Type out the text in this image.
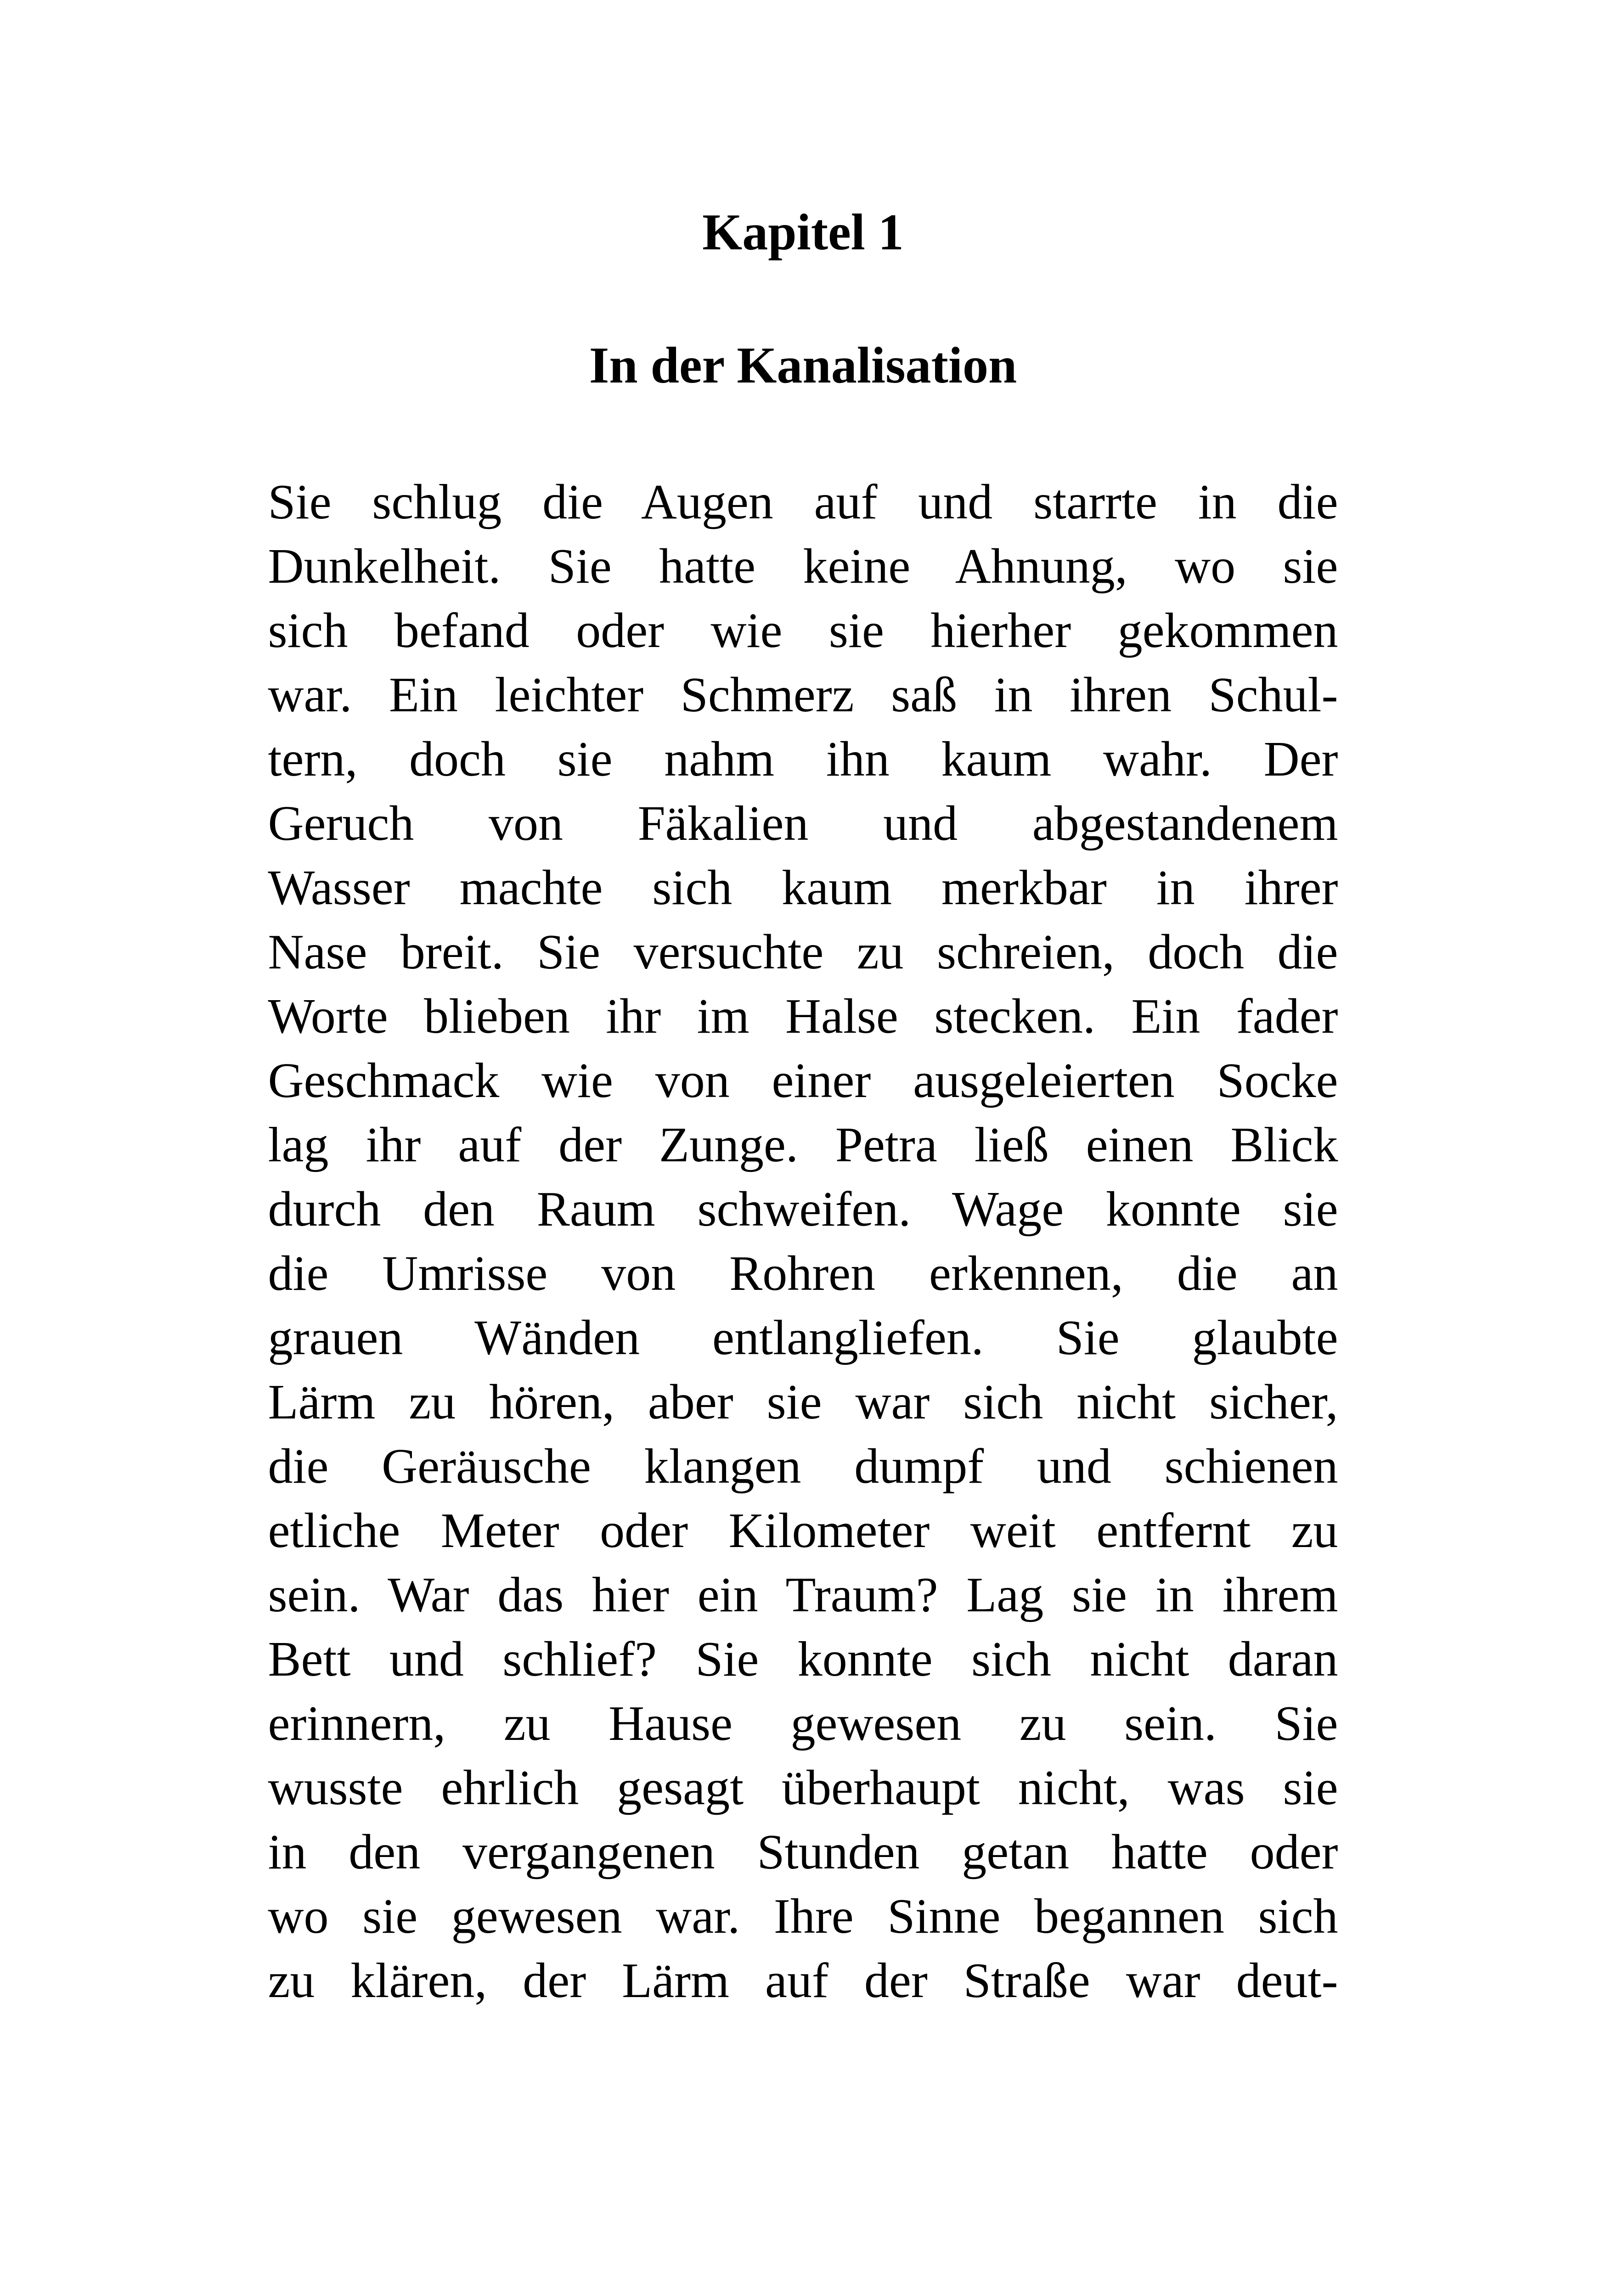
Kapitel 1
In der Kanalisation
Sie schlug die Augen auf und starrte in die
Dunkelheit. Sie hatte keine Ahnung, wo sie
sich befand oder wie sie hierher gekommen
war. Ein leichter Schmerz saß in ihren Schul-
tern, doch sie nahm ihn kaum wahr. Der
Geruch von Fäkalien und abgestandenem
Wasser machte sich kaum merkbar in ihrer
Nase breit. Sie versuchte zu schreien, doch die
Worte blieben ihr im Halse stecken. Ein fader
Geschmack wie von einer ausgeleierten Socke
lag ihr auf der Zunge. Petra ließ einen Blick
durch den Raum schweifen. Wage konnte sie
die Umrisse von Rohren erkennen, die an
grauen Wänden entlangliefen. Sie glaubte
Lärm zu hören, aber sie war sich nicht sicher,
die Geräusche klangen dumpf und schienen
etliche Meter oder Kilometer weit entfernt zu
sein. War das hier ein Traum? Lag sie in ihrem
Bett und schlief? Sie konnte sich nicht daran
erinnern, zu Hause gewesen zu sein. Sie
wusste ehrlich gesagt überhaupt nicht, was sie
in den vergangenen Stunden getan hatte oder
wo sie gewesen war. Ihre Sinne begannen sich
zu klären, der Lärm auf der Straße war deut-
